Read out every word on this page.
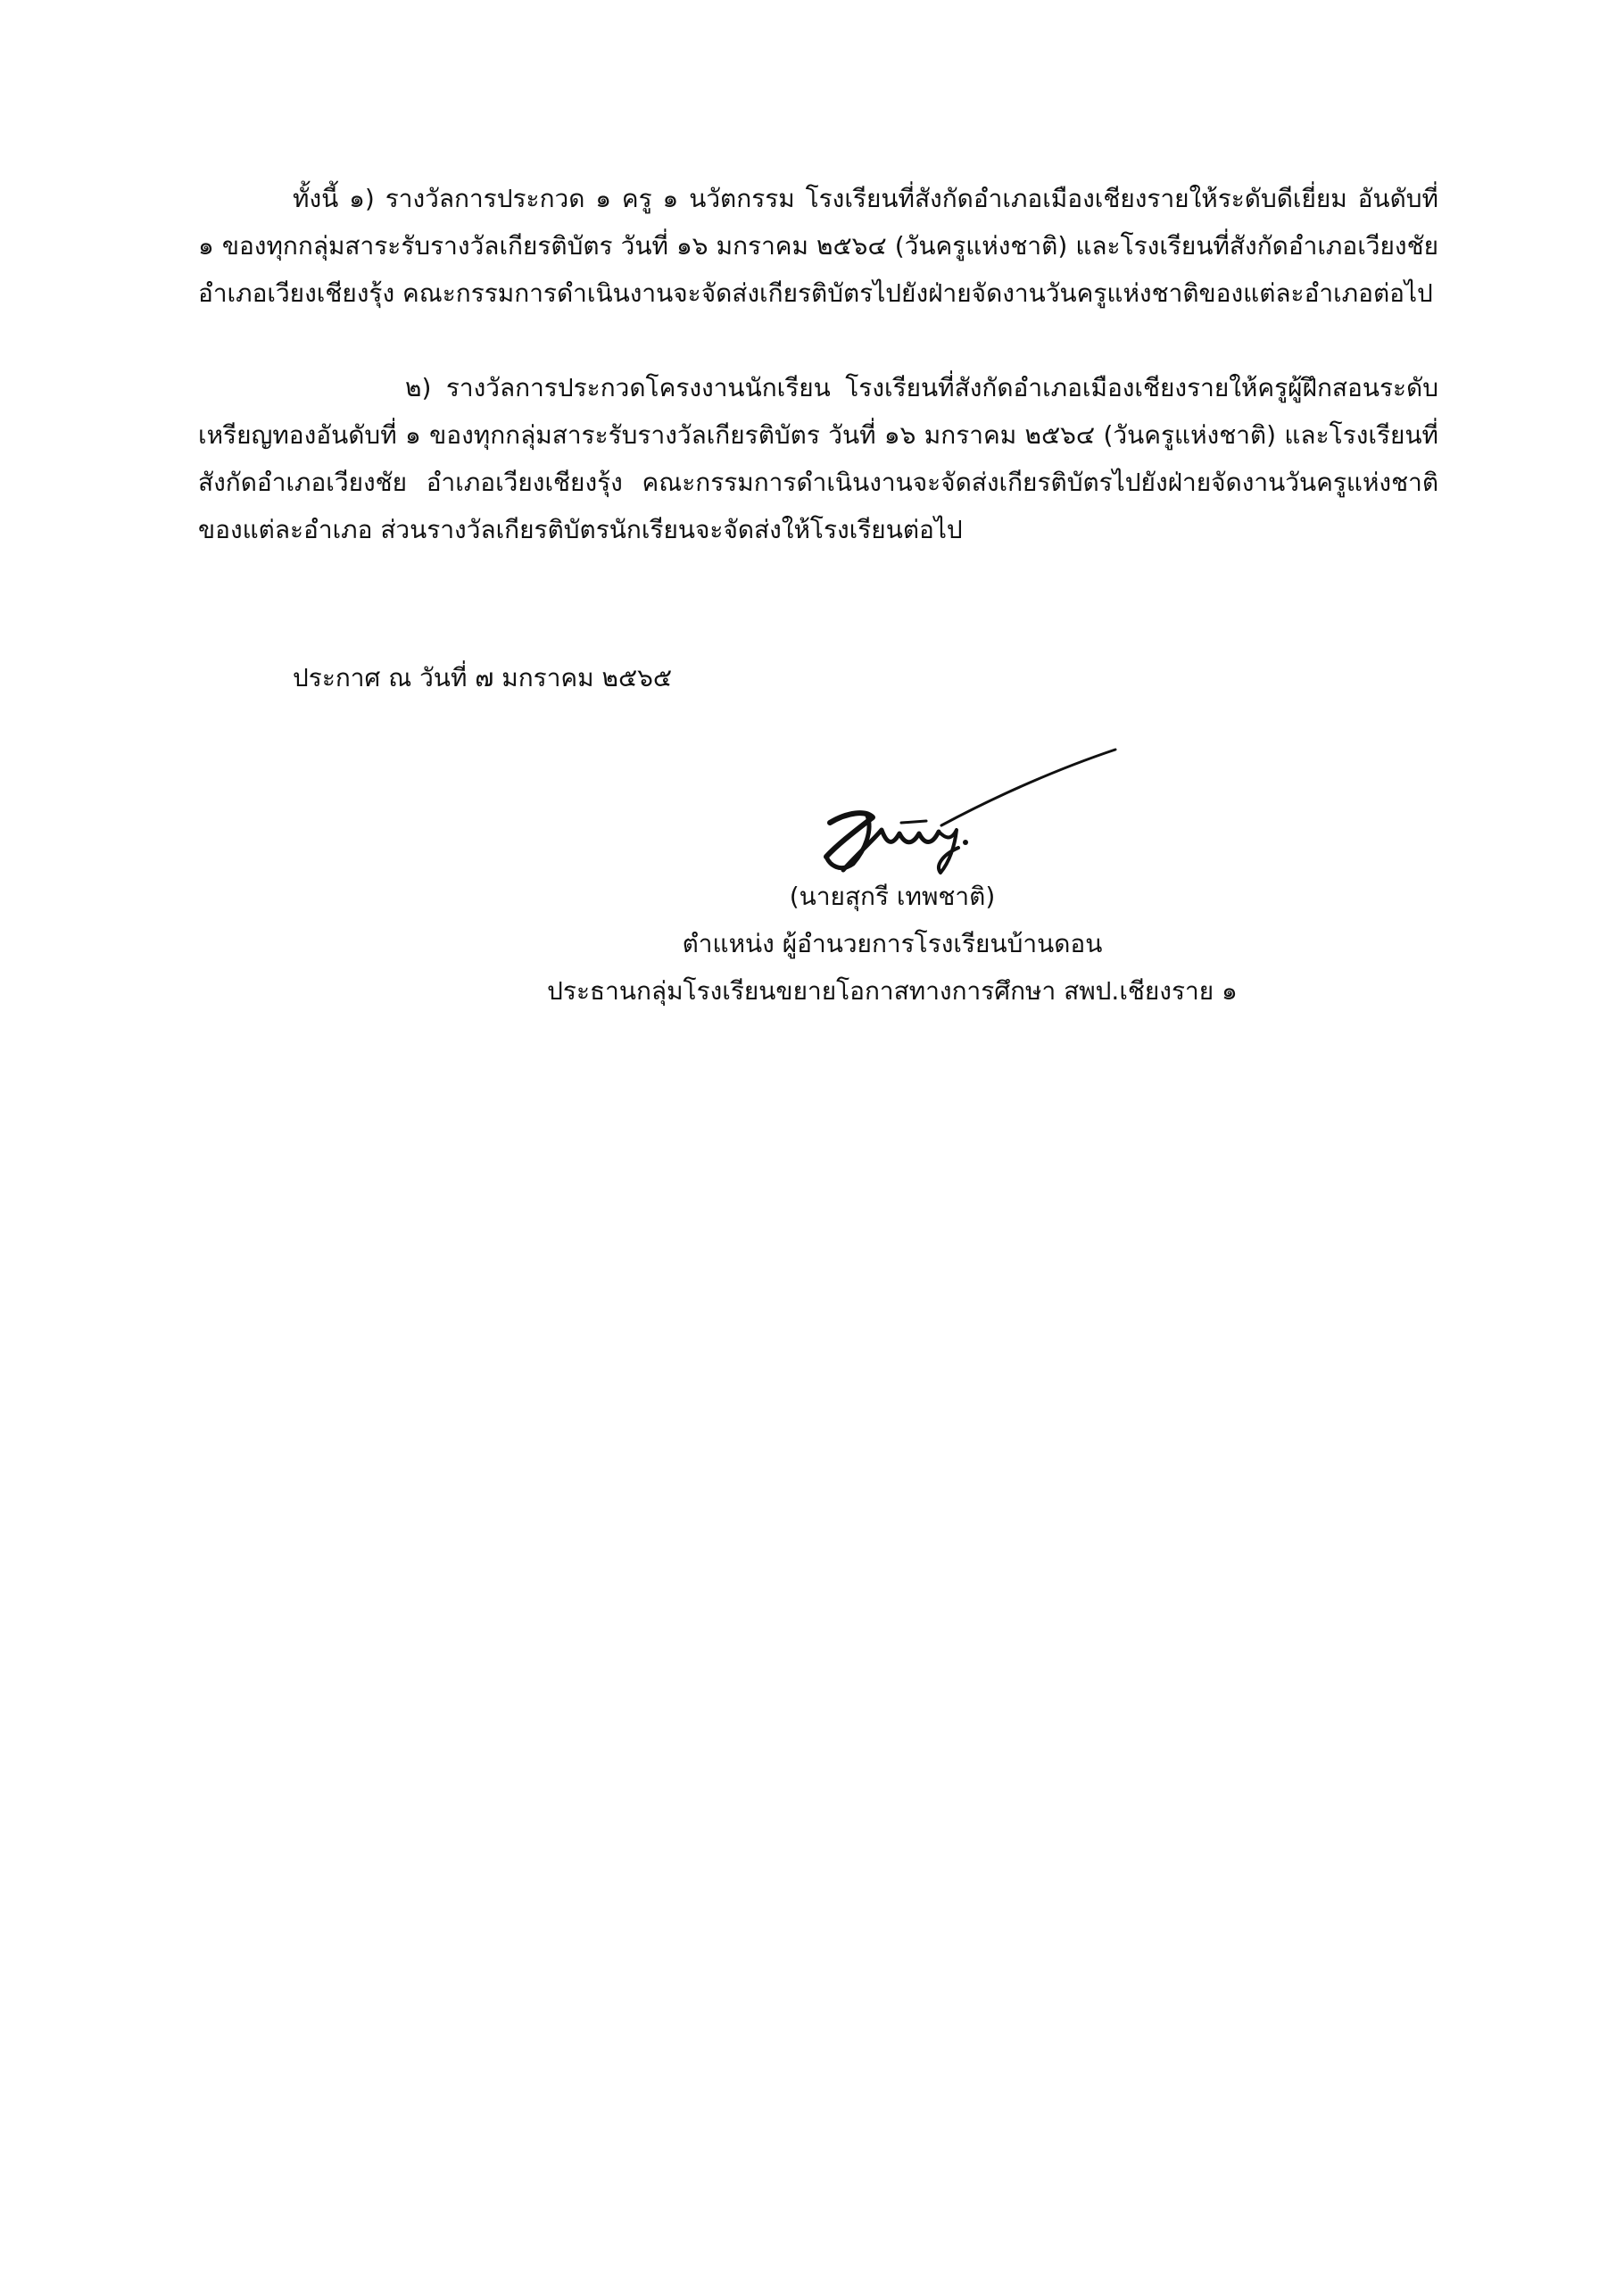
ทั้งนี้ ๑) รางวัลการประกวด ๑ ครู ๑ นวัตกรรม โรงเรียนที่สังกัดอำเภอเมืองเชียงรายให้ระดับดีเยี่ยม อันดับที่ ๑ ของทุกกลุ่มสาระรับรางวัลเกียรติบัตร วันที่ ๑๖ มกราคม ๒๕๖๔ (วันครูแห่งชาติ) และโรงเรียนที่สังกัดอำเภอเวียงชัย อำเภอเวียงเชียงรุ้ง คณะกรรมการดำเนินงานจะจัดส่งเกียรติบัตรไปยังฝ่ายจัดงานวันครูแห่งชาติของแต่ละอำเภอต่อไป

๒) รางวัลการประกวดโครงงานนักเรียน โรงเรียนที่สังกัดอำเภอเมืองเชียงรายให้ครูผู้ฝึกสอนระดับเหรียญทองอันดับที่ ๑ ของทุกกลุ่มสาระรับรางวัลเกียรติบัตร วันที่ ๑๖ มกราคม ๒๕๖๔ (วันครูแห่งชาติ) และโรงเรียนที่สังกัดอำเภอเวียงชัย อำเภอเวียงเชียงรุ้ง คณะกรรมการดำเนินงานจะจัดส่งเกียรติบัตรไปยังฝ่ายจัดงานวันครูแห่งชาติของแต่ละอำเภอ ส่วนรางวัลเกียรติบัตรนักเรียนจะจัดส่งให้โรงเรียนต่อไป

ประกาศ ณ วันที่ ๗ มกราคม ๒๕๖๕

(นายสุกรี เทพชาติ)
ตำแหน่ง ผู้อำนวยการโรงเรียนบ้านดอน
ประธานกลุ่มโรงเรียนขยายโอกาสทางการศึกษา สพป.เชียงราย ๑
